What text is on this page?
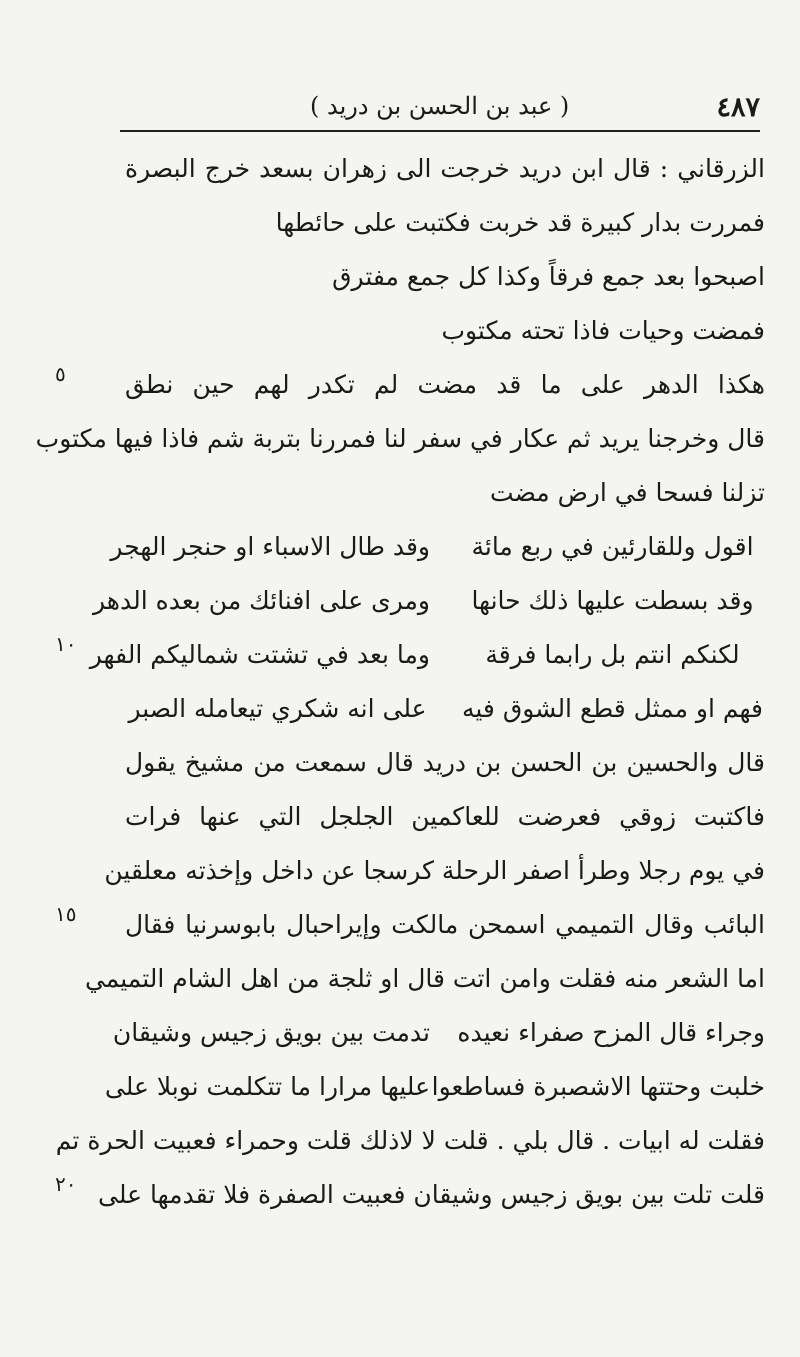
( عبد بن الحسن بن دريد )	٤٨٧
الزرقاني : قال ابن دريد خرجت الى زهران بسعد خرج البصرة
فمررت بدار كبيرة قد خربت فكتبت على حائطها
اصبحوا بعد جمع فرقاً وكذا كل جمع مفترق
فمضت وحيات فاذا تحته مكتوب
هكذا الدهر على ما قد مضت لم تكدر لهم حين نطق
قال وخرجنا يريد ثم عكار في سفر لنا فمررنا بتربة شم فاذا فيها مكتوب
تزلنا فسحا في ارض مضت
اقول وللقارئين في ربع مائة
وقد طال الاسباء او حنجر الهجر
وقد بسطت عليها ذلك حانها
ومرى على افنائك من بعده الدهر
لكنكم انتم بل رابما فرقة
وما بعد في تشتت شماليكم الفهر
فهم او ممثل قطع الشوق فيه
على انه شكري تيعامله الصبر
قال والحسين بن الحسن بن دريد قال سمعت من مشيخ يقول
فاكتبت زوقي فعرضت للعاكمين الجلجل التي عنها فرات
في يوم رجلا وطرأ اصفر الرحلة كرسجا عن داخل وإخذته معلقين
البائب وقال التميمي اسمحن مالكت وإيراحبال بابوسرنيا فقال
اما الشعر منه فقلت وامن اتت قال او ثلجة من اهل الشام التميمي
وجراء قال المزح صفراء نعيده
تدمت بين بويق زجيس وشيقان
خلبت وحتتها الاشصبرة فساطعوا
عليها مرارا ما تتكلمت نوبلا على
فقلت له ابيات . قال بلي . قلت لا لاذلك قلت وحمراء فعبيت الحرة تم
قلت تلت بين بويق زجيس وشيقان فعبيت الصفرة فلا تقدمها على
٥
١٠
١٥
٢٠
